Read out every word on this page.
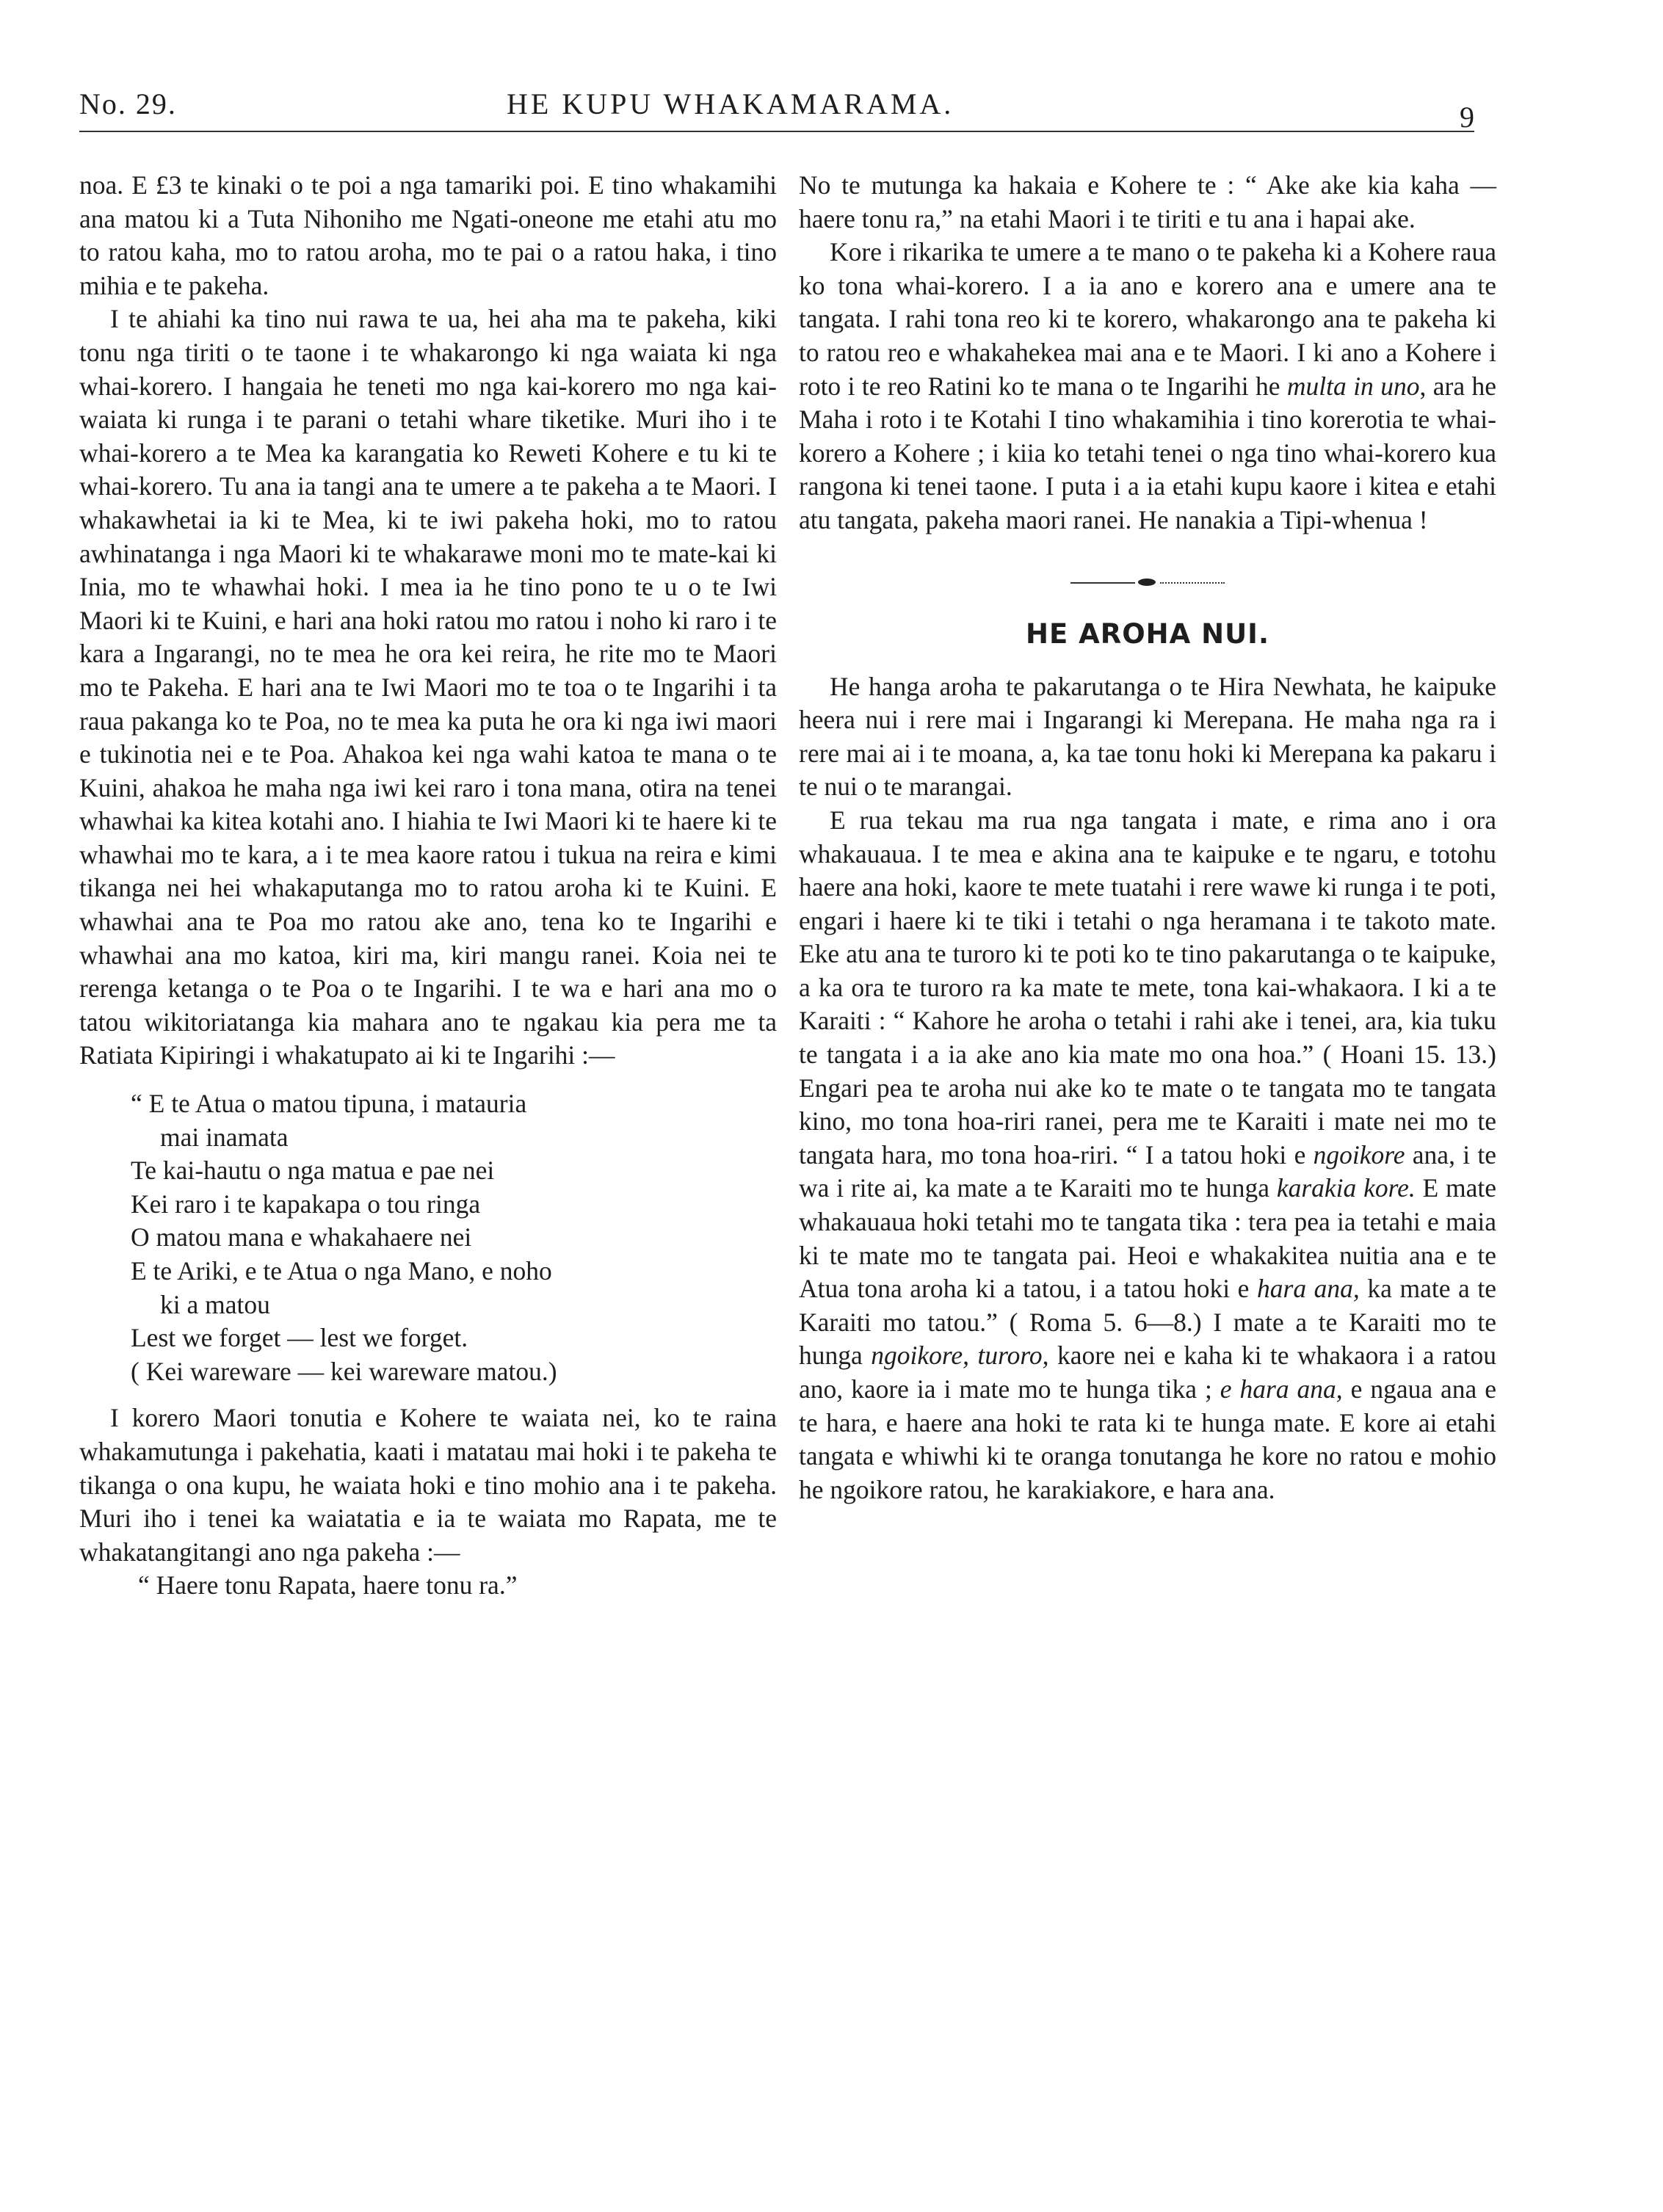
No. 29.	HE KUPU WHAKAMARAMA.	9

noa. E £3 te kinaki o te poi a nga tamariki poi. E tino whakamihi ana matou ki a Tuta Nihoniho me Ngati-oneone me etahi atu mo to ratou kaha, mo to ratou aroha, mo te pai o a ratou haka, i tino mihia e te pakeha.

I te ahiahi ka tino nui rawa te ua, hei aha ma te pakeha, kiki tonu nga tiriti o te taone i te whakarongo ki nga waiata ki nga whai-korero. I hangaia he teneti mo nga kai-korero mo nga kai-waiata ki runga i te parani o tetahi whare tiketike. Muri iho i te whai-korero a te Mea ka karangatia ko Reweti Kohere e tu ki te whai-korero. Tu ana ia tangi ana te umere a te pakeha a te Maori. I whakawhetai ia ki te Mea, ki te iwi pakeha hoki, mo to ratou awhinatanga i nga Maori ki te whakarawe moni mo te mate-kai ki Inia, mo te whawhai hoki. I mea ia he tino pono te u o te Iwi Maori ki te Kuini, e hari ana hoki ratou mo ratou i noho ki raro i te kara a Ingarangi, no te mea he ora kei reira, he rite mo te Maori mo te Pakeha. E hari ana te Iwi Maori mo te toa o te Ingarihi i ta raua pakanga ko te Poa, no te mea ka puta he ora ki nga iwi maori e tukinotia nei e te Poa. Ahakoa kei nga wahi katoa te mana o te Kuini, ahakoa he maha nga iwi kei raro i tona mana, otira na tenei whawhai ka kitea kotahi ano. I hiahia te Iwi Maori ki te haere ki te whawhai mo te kara, a i te mea kaore ratou i tukua na reira e kimi tikanga nei hei whakaputanga mo to ratou aroha ki te Kuini. E whawhai ana te Poa mo ratou ake ano, tena ko te Ingarihi e whawhai ana mo katoa, kiri ma, kiri mangu ranei. Koia nei te rerenga ketanga o te Poa o te Ingarihi. I te wa e hari ana mo o tatou wikitoriatanga kia mahara ano te ngakau kia pera me ta Ratiata Kipiringi i whakatupato ai ki te Ingarihi :—

“ E te Atua o matou tipuna, i matauria
mai inamata
Te kai-hautu o nga matua e pae nei
Kei raro i te kapakapa o tou ringa
O matou mana e whakahaere nei
E te Ariki, e te Atua o nga Mano, e noho
ki a matou
Lest we forget — lest we forget.
( Kei wareware — kei wareware matou.)

I korero Maori tonutia e Kohere te waiata nei, ko te raina whakamutunga i pakehatia, kaati i matatau mai hoki i te pakeha te tikanga o ona kupu, he waiata hoki e tino mohio ana i te pakeha. Muri iho i tenei ka waiatatia e ia te waiata mo Rapata, me te whakatangitangi ano nga pakeha :—

“ Haere tonu Rapata, haere tonu ra.”

No te mutunga ka hakaia e Kohere te : “ Ake ake kia kaha — haere tonu ra,” na etahi Maori i te tiriti e tu ana i hapai ake.

Kore i rikarika te umere a te mano o te pakeha ki a Kohere raua ko tona whai-korero. I a ia ano e korero ana e umere ana te tangata. I rahi tona reo ki te korero, whakarongo ana te pakeha ki to ratou reo e whakahekea mai ana e te Maori. I ki ano a Kohere i roto i te reo Ratini ko te mana o te Ingarihi he multa in uno, ara he Maha i roto i te Kotahi I tino whakamihia i tino korerotia te whai-korero a Kohere ; i kiia ko tetahi tenei o nga tino whai-korero kua rangona ki tenei taone. I puta i a ia etahi kupu kaore i kitea e etahi atu tangata, pakeha maori ranei. He nanakia a Tipi-whenua !

HE AROHA NUI.

He hanga aroha te pakarutanga o te Hira Newhata, he kaipuke heera nui i rere mai i Ingarangi ki Merepana. He maha nga ra i rere mai ai i te moana, a, ka tae tonu hoki ki Merepana ka pakaru i te nui o te marangai.

E rua tekau ma rua nga tangata i mate, e rima ano i ora whakauaua. I te mea e akina ana te kaipuke e te ngaru, e totohu haere ana hoki, kaore te mete tuatahi i rere wawe ki runga i te poti, engari i haere ki te tiki i tetahi o nga heramana i te takoto mate. Eke atu ana te turoro ki te poti ko te tino pakarutanga o te kaipuke, a ka ora te turoro ra ka mate te mete, tona kai-whakaora. I ki a te Karaiti : “ Kahore he aroha o tetahi i rahi ake i tenei, ara, kia tuku te tangata i a ia ake ano kia mate mo ona hoa.” ( Hoani 15. 13.) Engari pea te aroha nui ake ko te mate o te tangata mo te tangata kino, mo tona hoa-riri ranei, pera me te Karaiti i mate nei mo te tangata hara, mo tona hoa-riri. “ I a tatou hoki e ngoikore ana, i te wa i rite ai, ka mate a te Karaiti mo te hunga karakia kore. E mate whakauaua hoki tetahi mo te tangata tika : tera pea ia tetahi e maia ki te mate mo te tangata pai. Heoi e whakakitea nuitia ana e te Atua tona aroha ki a tatou, i a tatou hoki e hara ana, ka mate a te Karaiti mo tatou.” ( Roma 5. 6—8.) I mate a te Karaiti mo te hunga ngoikore, turoro, kaore nei e kaha ki te whakaora i a ratou ano, kaore ia i mate mo te hunga tika ; e hara ana, e ngaua ana e te hara, e haere ana hoki te rata ki te hunga mate. E kore ai etahi tangata e whiwhi ki te oranga tonutanga he kore no ratou e mohio he ngoikore ratou, he karakiakore, e hara ana.
